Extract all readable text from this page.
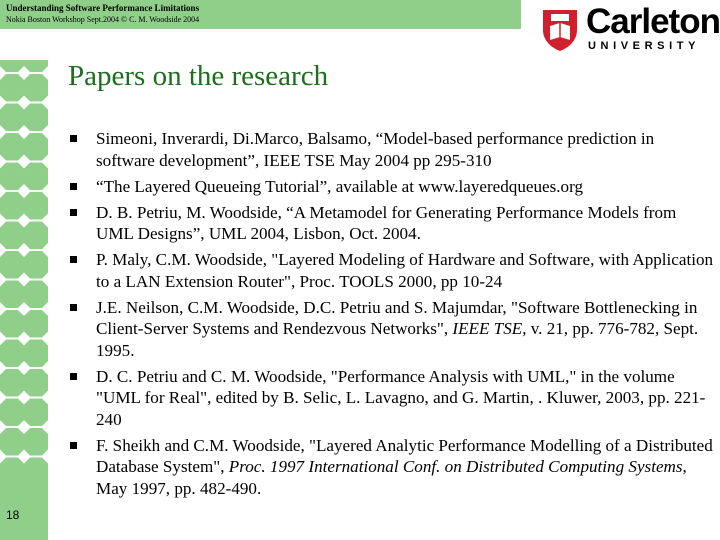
Understanding Software Performance Limitations
Nokia Boston Workshop Sept.2004 © C. M. Woodside 2004	Carleton
UNIVERSITY
Papers on the research
Simeoni, Inverardi, Di.Marco, Balsamo, “Model-based performance prediction in software development”, IEEE TSE May 2004 pp 295-310
“The Layered Queueing Tutorial”, available at www.layeredqueues.org
D. B. Petriu, M. Woodside, “A Metamodel for Generating Performance Models from UML Designs”, UML 2004, Lisbon, Oct. 2004.
P. Maly, C.M. Woodside, "Layered Modeling of Hardware and Software, with Application to a LAN Extension Router", Proc. TOOLS 2000, pp 10-24
J.E. Neilson, C.M. Woodside, D.C. Petriu and S. Majumdar, "Software Bottlenecking in Client-Server Systems and Rendezvous Networks", IEEE TSE, v. 21, pp. 776-782, Sept. 1995.
D. C. Petriu and C. M. Woodside, "Performance Analysis with UML," in the volume "UML for Real", edited by B. Selic, L. Lavagno, and G. Martin, . Kluwer, 2003, pp. 221-240
F. Sheikh and C.M. Woodside, "Layered Analytic Performance Modelling of a Distributed Database System", Proc. 1997 International Conf. on Distributed Computing Systems, May 1997, pp. 482-490.
18
